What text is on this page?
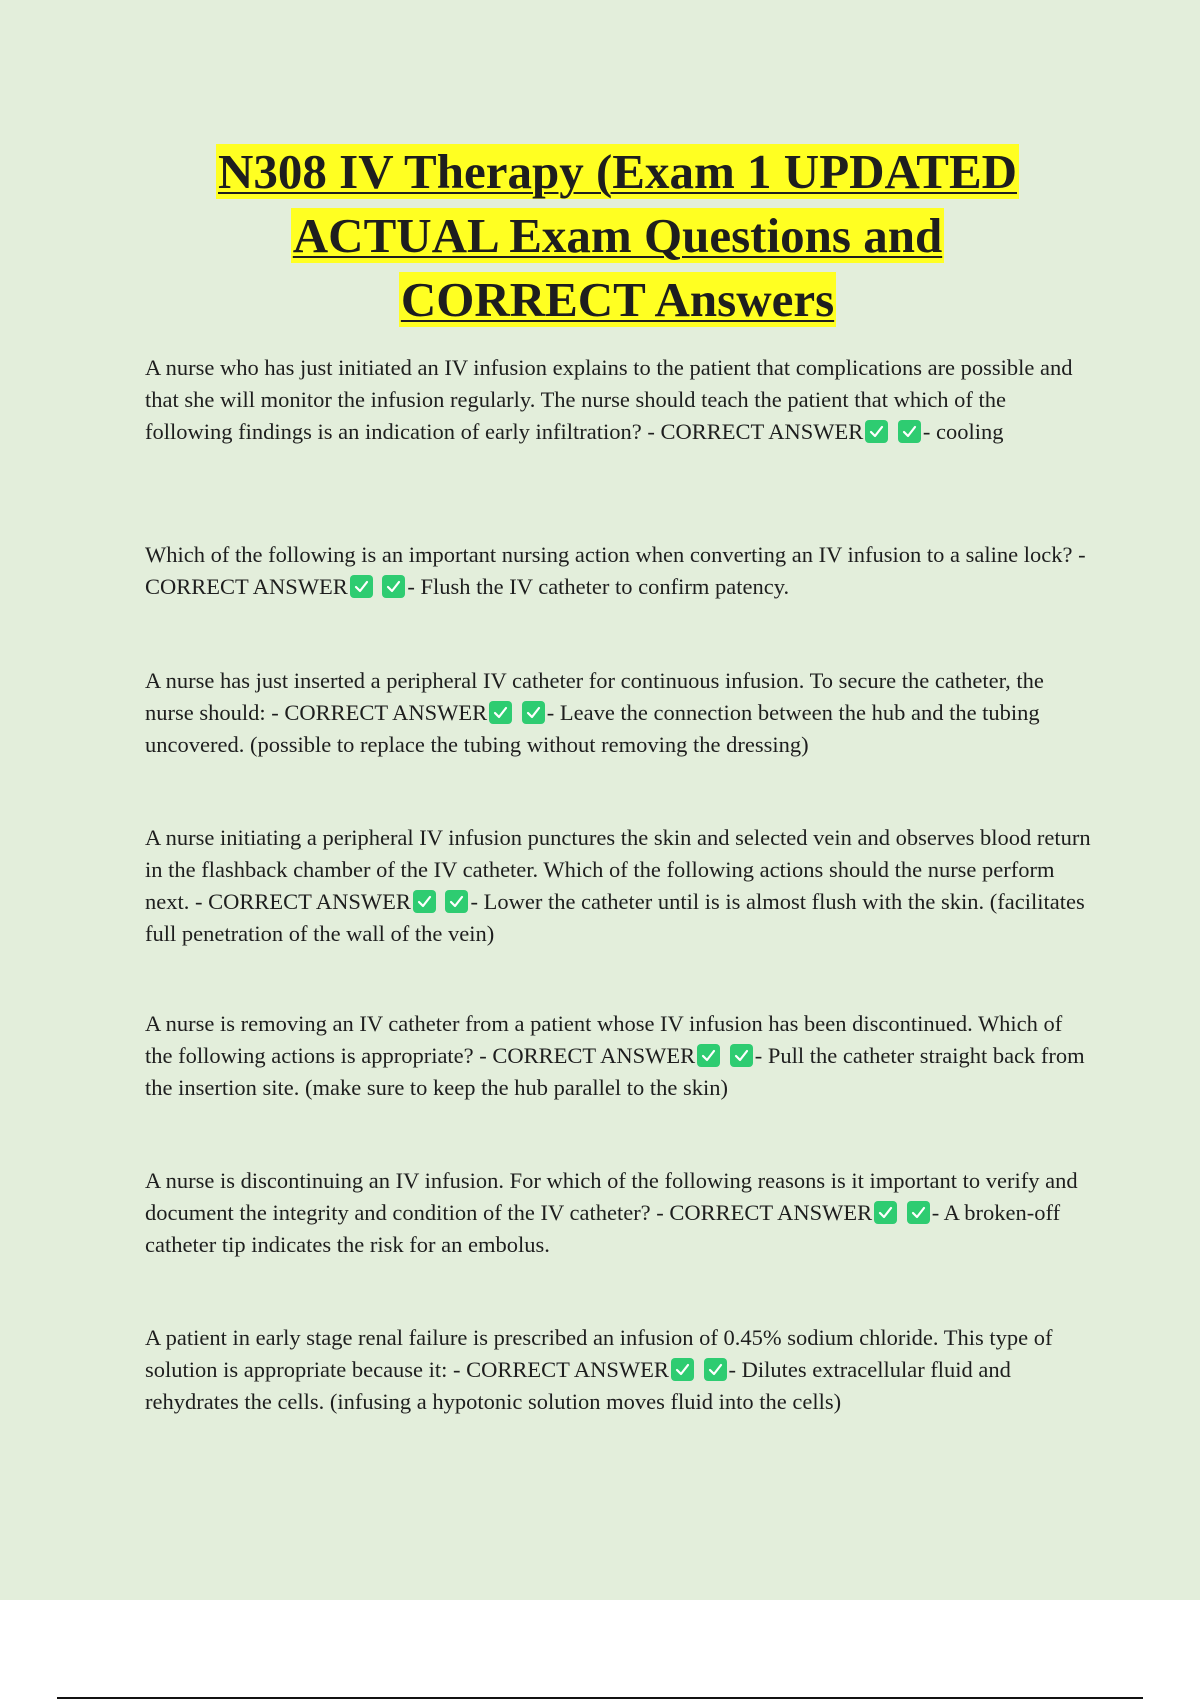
N308 IV Therapy (Exam 1 UPDATED
ACTUAL Exam Questions and
CORRECT Answers

A nurse who has just initiated an IV infusion explains to the patient that complications are possible and that she will monitor the infusion regularly. The nurse should teach the patient that which of the following findings is an indication of early infiltration? - CORRECT ANSWER
	- cooling

Which of the following is an important nursing action when converting an IV infusion to a saline lock? - CORRECT ANSWER
	- Flush the IV catheter to confirm patency.

A nurse has just inserted a peripheral IV catheter for continuous infusion. To secure the catheter, the nurse should: - CORRECT ANSWER
	- Leave the connection between the hub and the tubing uncovered. (possible to replace the tubing without removing the dressing)

A nurse initiating a peripheral IV infusion punctures the skin and selected vein and observes blood return in the flashback chamber of the IV catheter. Which of the following actions should the nurse perform next. - CORRECT ANSWER
	- Lower the catheter until is is almost flush with the skin. (facilitates full penetration of the wall of the vein)

A nurse is removing an IV catheter from a patient whose IV infusion has been discontinued. Which of the following actions is appropriate? - CORRECT ANSWER
	- Pull the catheter straight back from the insertion site. (make sure to keep the hub parallel to the skin)

A nurse is discontinuing an IV infusion. For which of the following reasons is it important to verify and document the integrity and condition of the IV catheter? - CORRECT ANSWER
	- A broken-off catheter tip indicates the risk for an embolus.

A patient in early stage renal failure is prescribed an infusion of 0.45% sodium chloride. This type of solution is appropriate because it: - CORRECT ANSWER
	- Dilutes extracellular fluid and rehydrates the cells. (infusing a hypotonic solution moves fluid into the cells)
